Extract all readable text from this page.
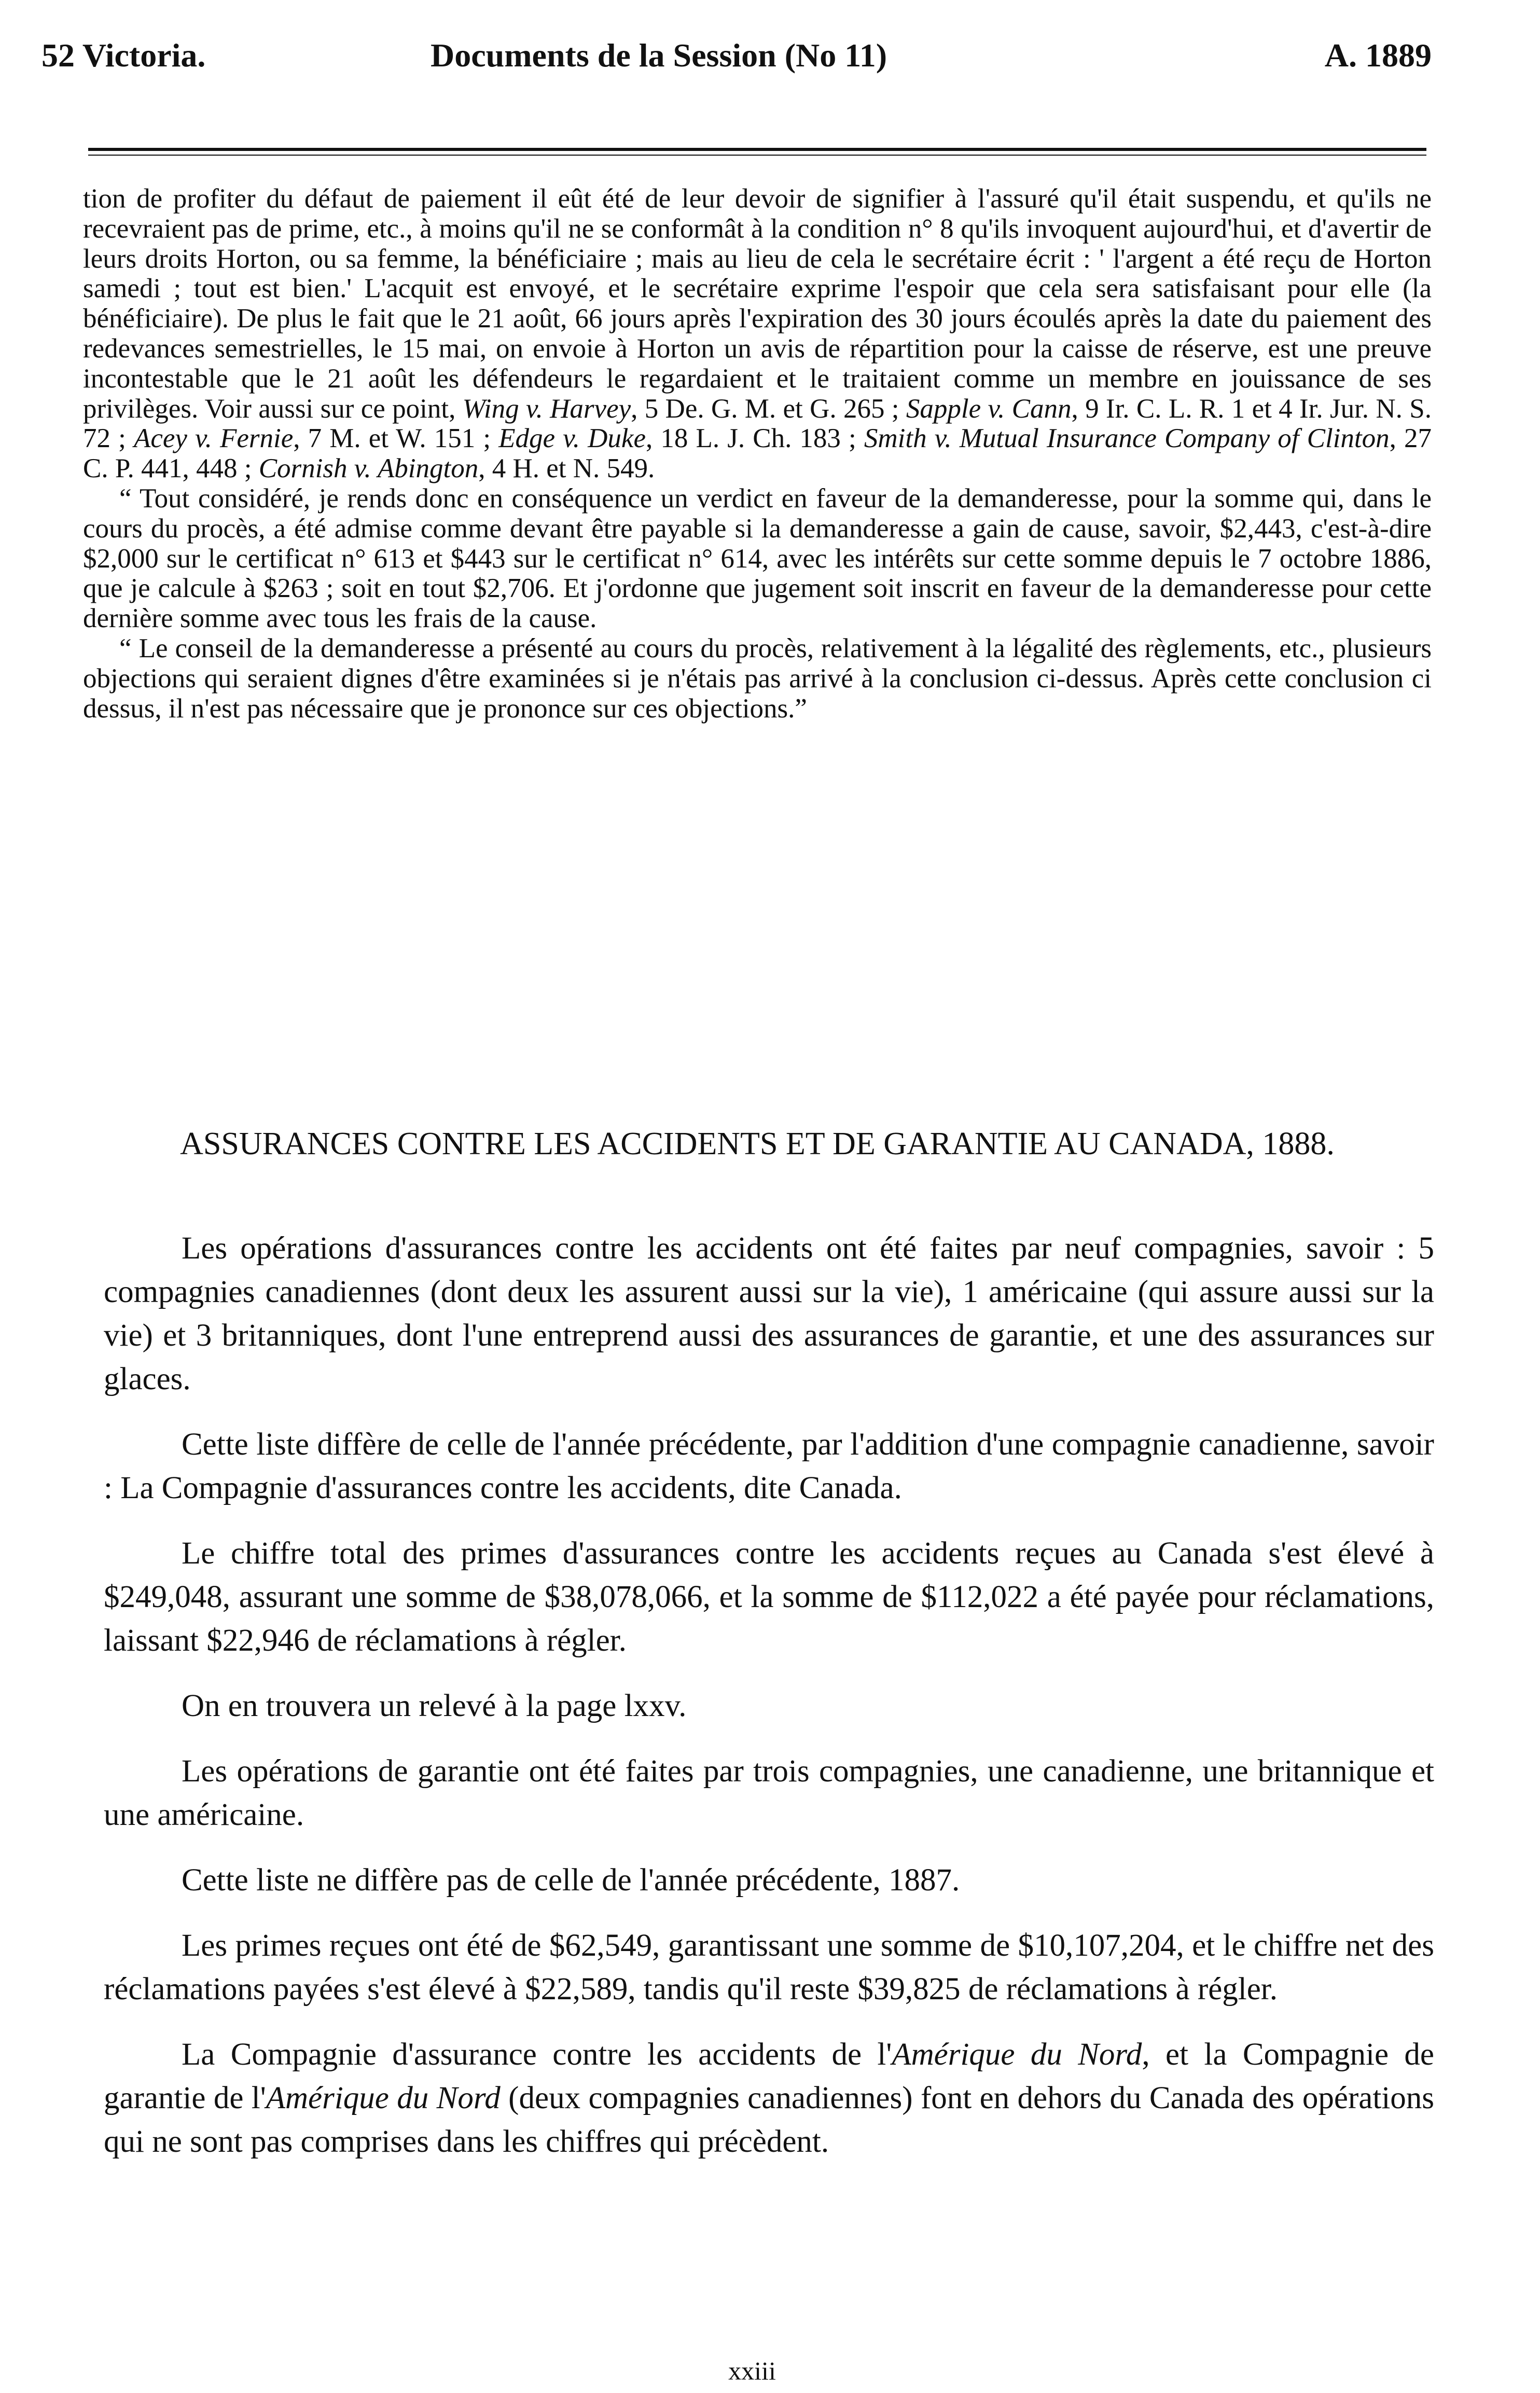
52 Victoria.	Documents de la Session (No 11)	A. 1889

tion de profiter du défaut de paiement il eût été de leur devoir de signifier à l'assuré qu'il était suspendu, et qu'ils ne recevraient pas de prime, etc., à moins qu'il ne se conformât à la condition n° 8 qu'ils invoquent aujourd'hui, et d'avertir de leurs droits Horton, ou sa femme, la bénéficiaire ; mais au lieu de cela le secrétaire écrit : ' l'argent a été reçu de Horton samedi ; tout est bien.' L'acquit est envoyé, et le secrétaire exprime l'espoir que cela sera satisfaisant pour elle (la bénéficiaire). De plus le fait que le 21 août, 66 jours après l'expiration des 30 jours écoulés après la date du paiement des redevances semestrielles, le 15 mai, on envoie à Horton un avis de répartition pour la caisse de réserve, est une preuve incontestable que le 21 août les défendeurs le regardaient et le traitaient comme un membre en jouissance de ses privilèges. Voir aussi sur ce point, Wing v. Harvey, 5 De. G. M. et G. 265 ; Sapple v. Cann, 9 Ir. C. L. R. 1 et 4 Ir. Jur. N. S. 72 ; Acey v. Fernie, 7 M. et W. 151 ; Edge v. Duke, 18 L. J. Ch. 183 ; Smith v. Mutual Insurance Company of Clinton, 27 C. P. 441, 448 ; Cornish v. Abington, 4 H. et N. 549.

“ Tout considéré, je rends donc en conséquence un verdict en faveur de la demanderesse, pour la somme qui, dans le cours du procès, a été admise comme devant être payable si la demanderesse a gain de cause, savoir, $2,443, c'est-à-dire $2,000 sur le certificat n° 613 et $443 sur le certificat n° 614, avec les intérêts sur cette somme depuis le 7 octobre 1886, que je calcule à $263 ; soit en tout $2,706. Et j'ordonne que jugement soit inscrit en faveur de la demanderesse pour cette dernière somme avec tous les frais de la cause.

“ Le conseil de la demanderesse a présenté au cours du procès, relativement à la légalité des règlements, etc., plusieurs objections qui seraient dignes d'être examinées si je n'étais pas arrivé à la conclusion ci-dessus. Après cette conclusion ci dessus, il n'est pas nécessaire que je prononce sur ces objections.”

ASSURANCES CONTRE LES ACCIDENTS ET DE GARANTIE AU CANADA, 1888.

Les opérations d'assurances contre les accidents ont été faites par neuf compagnies, savoir : 5 compagnies canadiennes (dont deux les assurent aussi sur la vie), 1 américaine (qui assure aussi sur la vie) et 3 britanniques, dont l'une entreprend aussi des assurances de garantie, et une des assurances sur glaces.

Cette liste diffère de celle de l'année précédente, par l'addition d'une compagnie canadienne, savoir : La Compagnie d'assurances contre les accidents, dite Canada.

Le chiffre total des primes d'assurances contre les accidents reçues au Canada s'est élevé à $249,048, assurant une somme de $38,078,066, et la somme de $112,022 a été payée pour réclamations, laissant $22,946 de réclamations à régler.

On en trouvera un relevé à la page lxxv.

Les opérations de garantie ont été faites par trois compagnies, une canadienne, une britannique et une américaine.

Cette liste ne diffère pas de celle de l'année précédente, 1887.

Les primes reçues ont été de $62,549, garantissant une somme de $10,107,204, et le chiffre net des réclamations payées s'est élevé à $22,589, tandis qu'il reste $39,825 de réclamations à régler.

La Compagnie d'assurance contre les accidents de l'Amérique du Nord, et la Compagnie de garantie de l'Amérique du Nord (deux compagnies canadiennes) font en dehors du Canada des opérations qui ne sont pas comprises dans les chiffres qui précèdent.

xxiii
